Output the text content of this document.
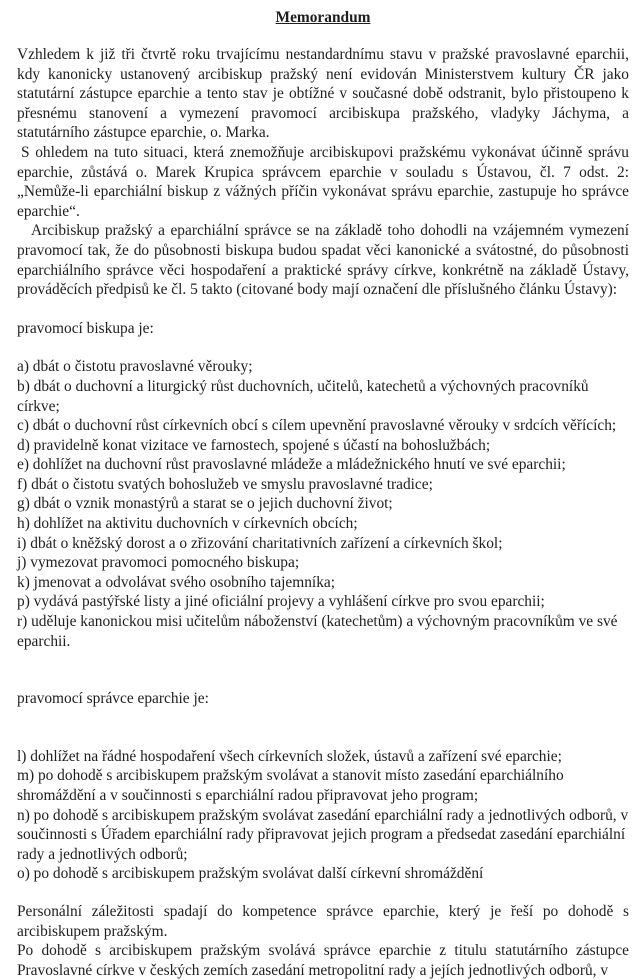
Memorandum

Vzhledem k již tři čtvrtě roku trvajícímu nestandardnímu stavu v pražské pravoslavné eparchii, kdy kanonicky ustanovený arcibiskup pražský není evidován Ministerstvem kultury ČR jako statutární zástupce eparchie a tento stav je obtížné v současné době odstranit, bylo přistoupeno k přesnému stanovení a vymezení pravomocí arcibiskupa pražského, vladyky Jáchyma, a statutárního zástupce eparchie, o. Marka.

S ohledem na tuto situaci, která znemožňuje arcibiskupovi pražskému vykonávat účinně správu eparchie, zůstává o. Marek Krupica správcem eparchie v souladu s Ústavou, čl. 7 odst. 2: „Nemůže-li eparchiální biskup z vážných příčin vykonávat správu eparchie, zastupuje ho správce eparchie“.

Arcibiskup pražský a eparchiální správce se na základě toho dohodli na vzájemném vymezení pravomocí tak, že do působnosti biskupa budou spadat věci kanonické a svátostné, do působnosti eparchiálního správce věci hospodaření a praktické správy církve, konkrétně na základě Ústavy, prováděcích předpisů ke čl. 5 takto (citované body mají označení dle příslušného článku Ústavy):

pravomocí biskupa je:

a) dbát o čistotu pravoslavné věrouky;
b) dbát o duchovní a liturgický růst duchovních, učitelů, katechetů a výchovných pracovníků církve;
c) dbát o duchovní růst církevních obcí s cílem upevnění pravoslavné věrouky v srdcích věřících;
d) pravidelně konat vizitace ve farnostech, spojené s účastí na bohoslužbách;
e) dohlížet na duchovní růst pravoslavné mládeže a mládežnického hnutí ve své eparchii;
f) dbát o čistotu svatých bohoslužeb ve smyslu pravoslavné tradice;
g) dbát o vznik monastýrů a starat se o jejich duchovní život;
h) dohlížet na aktivitu duchovních v církevních obcích;
i) dbát o kněžský dorost a o zřizování charitativních zařízení a církevních škol;
j) vymezovat pravomoci pomocného biskupa;
k) jmenovat a odvolávat svého osobního tajemníka;
p) vydává pastýřské listy a jiné oficiální projevy a vyhlášení církve pro svou eparchii;
r) uděluje kanonickou misi učitelům náboženství (katechetům) a výchovným pracovníkům ve své eparchii.

pravomocí správce eparchie je:

l) dohlížet na řádné hospodaření všech církevních složek, ústavů a zařízení své eparchie;
m) po dohodě s arcibiskupem pražským svolávat a stanovit místo zasedání eparchiálního shromáždění a v součinnosti s eparchiální radou připravovat jeho program;
n) po dohodě s arcibiskupem pražským svolávat zasedání eparchiální rady a jednotlivých odborů, v součinnosti s Úřadem eparchiální rady připravovat jejich program a předsedat zasedání eparchiální rady a jednotlivých odborů;
o) po dohodě s arcibiskupem pražským svolávat další církevní shromáždění

Personální záležitosti spadají do kompetence správce eparchie, který je řeší po dohodě s arcibiskupem pražským.

Po dohodě s arcibiskupem pražským svolává správce eparchie z titulu statutárního zástupce Pravoslavné církve v českých zemích zasedání metropolitní rady a jejích jednotlivých odborů, v
